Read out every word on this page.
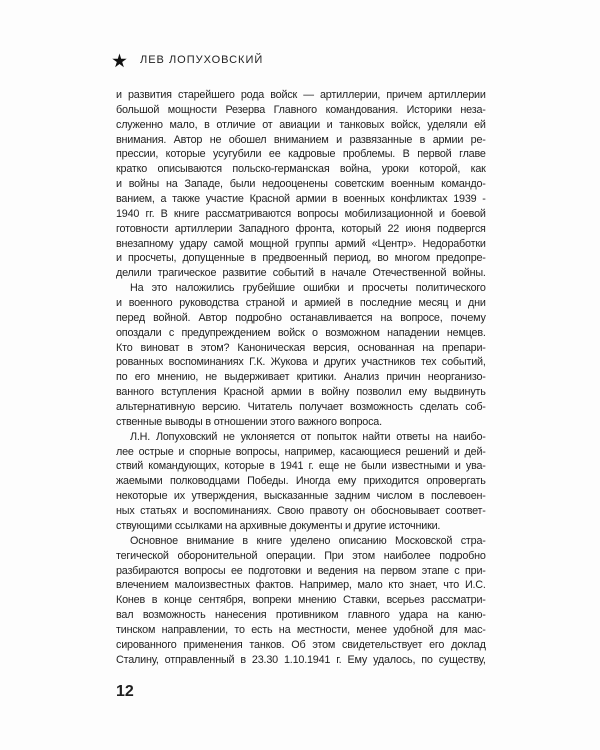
ЛЕВ ЛОПУХОВСКИЙ
и развития старейшего рода войск — артиллерии, причем артиллерии
большой мощности Резерва Главного командования. Историки неза-
служенно мало, в отличие от авиации и танковых войск, уделяли ей
внимания. Автор не обошел вниманием и развязанные в армии ре-
прессии, которые усугубили ее кадровые проблемы. В первой главе
кратко описываются польско-германская война, уроки которой, как
и войны на Западе, были недооценены советским военным командо-
ванием, а также участие Красной армии в военных конфликтах 1939 -
1940 гг. В книге рассматриваются вопросы мобилизационной и боевой
готовности артиллерии Западного фронта, который 22 июня подвергся
внезапному удару самой мощной группы армий «Центр». Недоработки
и просчеты, допущенные в предвоенный период, во многом предопре-
делили трагическое развитие событий в начале Отечественной войны.
На это наложились грубейшие ошибки и просчеты политического
и военного руководства страной и армией в последние месяц и дни
перед войной. Автор подробно останавливается на вопросе, почему
опоздали с предупреждением войск о возможном нападении немцев.
Кто виноват в этом? Каноническая версия, основанная на препари-
рованных воспоминаниях Г.К. Жукова и других участников тех событий,
по его мнению, не выдерживает критики. Анализ причин неорганизо-
ванного вступления Красной армии в войну позволил ему выдвинуть
альтернативную версию. Читатель получает возможность сделать соб-
ственные выводы в отношении этого важного вопроса.
Л.Н. Лопуховский не уклоняется от попыток найти ответы на наибо-
лее острые и спорные вопросы, например, касающиеся решений и дей-
ствий командующих, которые в 1941 г. еще не были известными и ува-
жаемыми полководцами Победы. Иногда ему приходится опровергать
некоторые их утверждения, высказанные задним числом в послевоен-
ных статьях и воспоминаниях. Свою правоту он обосновывает соответ-
ствующими ссылками на архивные документы и другие источники.
Основное внимание в книге уделено описанию Московской стра-
тегической оборонительной операции. При этом наиболее подробно
разбираются вопросы ее подготовки и ведения на первом этапе с при-
влечением малоизвестных фактов. Например, мало кто знает, что И.С.
Конев в конце сентября, вопреки мнению Ставки, всерьез рассматри-
вал возможность нанесения противником главного удара на каню-
тинском направлении, то есть на местности, менее удобной для мас-
сированного применения танков. Об этом свидетельствует его доклад
Сталину, отправленный в 23.30 1.10.1941 г. Ему удалось, по существу,
12
